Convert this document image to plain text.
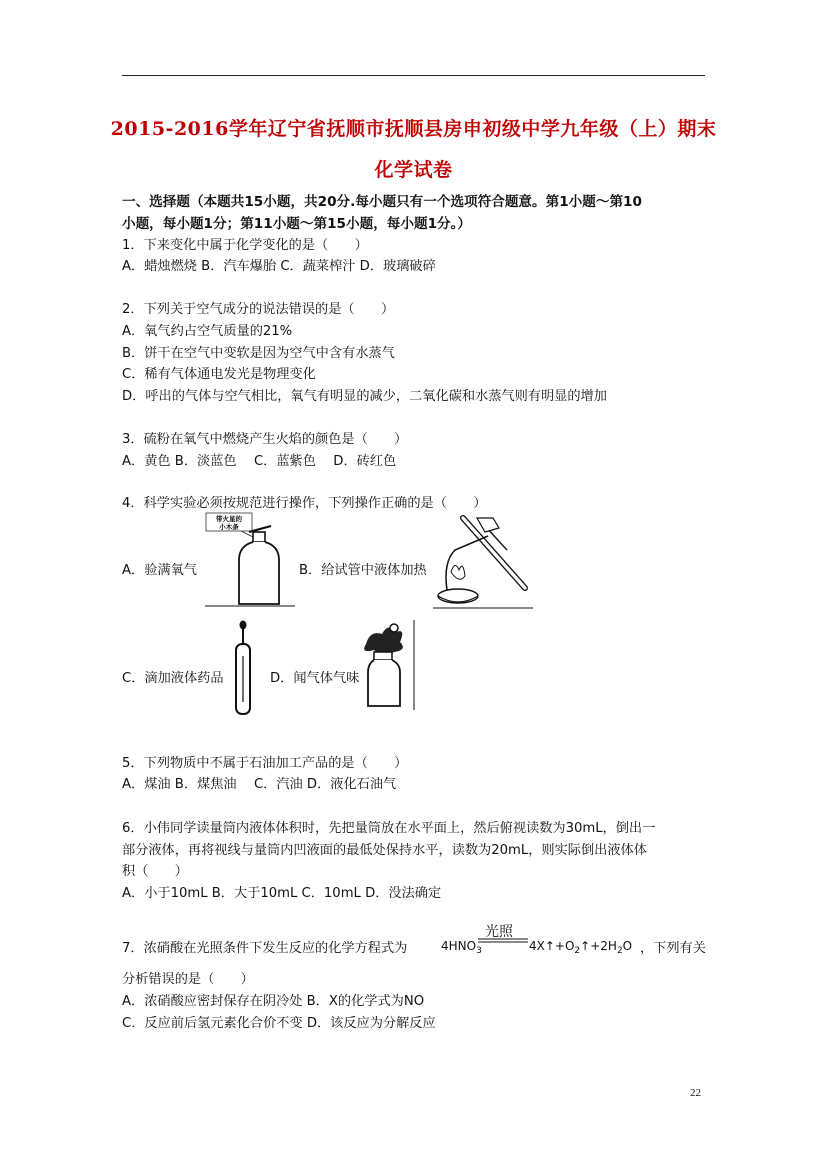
2015-2016学年辽宁省抚顺市抚顺县房申初级中学九年级（上）期末
化学试卷
一、选择题（本题共15小题，共20分.每小题只有一个选项符合题意。第1小题～第10
小题，每小题1分；第11小题～第15小题，每小题1分。）
1．下来变化中属于化学变化的是（　　）
A．蜡烛燃烧 B．汽车爆胎 C．蔬菜榨汁 D．玻璃破碎
2．下列关于空气成分的说法错误的是（　　）
A．氧气约占空气质量的21%
B．饼干在空气中变软是因为空气中含有水蒸气
C．稀有气体通电发光是物理变化
D．呼出的气体与空气相比，氧气有明显的减少，二氧化碳和水蒸气则有明显的增加
3．硫粉在氧气中燃烧产生火焰的颜色是（　　）
A．黄色 B．淡蓝色　 C．蓝紫色　 D．砖红色
4．科学实验必须按规范进行操作，下列操作正确的是（　　）
A．验满氧气	B．给试管中液体加热
带火星的
小木条
C．滴加液体药品	D．闻气体气味
5．下列物质中不属于石油加工产品的是（　　）
A．煤油 B．煤焦油　 C．汽油 D．液化石油气
6．小伟同学读量筒内液体体积时，先把量筒放在水平面上，然后俯视读数为30mL，倒出一
部分液体，再将视线与量筒内凹液面的最低处保持水平，读数为20mL，则实际倒出液体体
积（　　）
A．小于10mL B．大于10mL C．10mL D．没法确定
7．浓硝酸在光照条件下发生反应的化学方程式为	$4HNO_3$
光照
$4X↑+O_2↑+2H_2O$ ，下列有关
分析错误的是（　　）
A．浓硝酸应密封保存在阴冷处 B．X的化学式为NO
C．反应前后氢元素化合价不变 D．该反应为分解反应
22
